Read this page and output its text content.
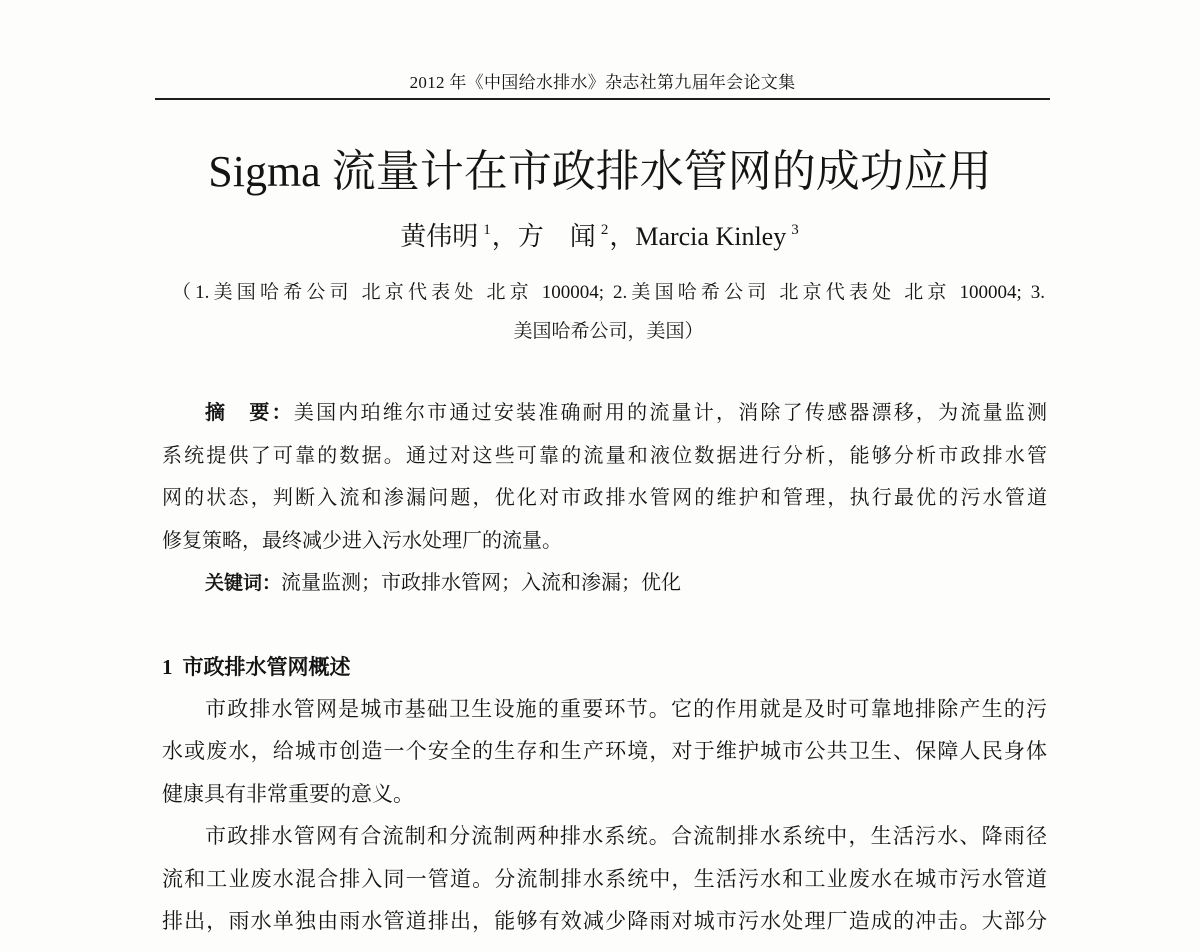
2012 年《中国给水排水》杂志社第九届年会论文集
Sigma 流量计在市政排水管网的成功应用
黄伟明 $^1$，方　闻 $^2$，Marcia Kinley $^3$
（1.美国哈希公司 北京代表处 北京 100004; 2.美国哈希公司 北京代表处 北京 100004; 3.
美国哈希公司，美国）
摘　要：美国内珀维尔市通过安装准确耐用的流量计，消除了传感器漂移，为流量监测
系统提供了可靠的数据。通过对这些可靠的流量和液位数据进行分析，能够分析市政排水管
网的状态，判断入流和渗漏问题，优化对市政排水管网的维护和管理，执行最优的污水管道
修复策略，最终减少进入污水处理厂的流量。
关键词：流量监测；市政排水管网；入流和渗漏；优化
1 市政排水管网概述
市政排水管网是城市基础卫生设施的重要环节。它的作用就是及时可靠地排除产生的污
水或废水，给城市创造一个安全的生存和生产环境，对于维护城市公共卫生、保障人民身体
健康具有非常重要的意义。
市政排水管网有合流制和分流制两种排水系统。合流制排水系统中，生活污水、降雨径
流和工业废水混合排入同一管道。分流制排水系统中，生活污水和工业废水在城市污水管道
排出，雨水单独由雨水管道排出，能够有效减少降雨对城市污水处理厂造成的冲击。大部分
